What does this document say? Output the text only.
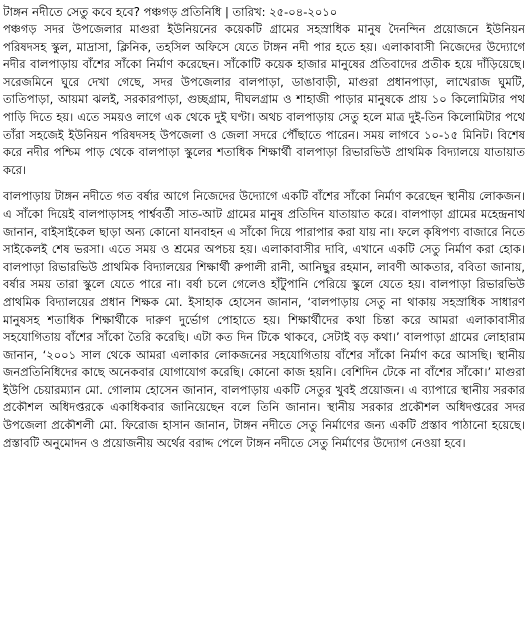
টাঙ্গন নদীতে সেতু কবে হবে? পঞ্চগড় প্রতিনিধি | তারিখ: ২৫-০৪-২০১০

পঞ্চগড় সদর উপজেলার মাগুরা ইউনিয়নের কয়েকটি গ্রামের সহস্রাধিক মানুষ দৈনন্দিন প্রয়োজনে ইউনিয়ন পরিষদসহ স্কুল, মাদ্রাসা, ক্লিনিক, তহসিল অফিসে যেতে টাঙ্গন নদী পার হতে হয়। এলাকাবাসী নিজেদের উদ্যোগে নদীর বালপাড়ায় বাঁশের সাঁকো নির্মাণ করেছেন। সাঁকোটি কয়েক হাজার মানুষের প্রতিবাদের প্রতীক হয়ে দাঁড়িয়েছে। সরেজমিনে ঘুরে দেখা গেছে, সদর উপজেলার বালপাড়া, ডাঙাবাড়ী, মাগুরা প্রধানপাড়া, লাখেরাজ ঘুমটি, তাতিপাড়া, আয়মা ঝলই, সরকারপাড়া, গুচ্ছগ্রাম, দীঘলগ্রাম ও শাহাজী পাড়ার মানুষকে প্রায় ১০ কিলোমিটার পথ পাড়ি দিতে হয়। এতে সময়ও লাগে এক থেকে দুই ঘণ্টা। অথচ বালপাড়ায় সেতু হলে মাত্র দুই-তিন কিলোমিটার পথে তাঁরা সহজেই ইউনিয়ন পরিষদসহ উপজেলা ও জেলা সদরে পৌঁছাতে পারেন। সময় লাগবে ১০-১৫ মিনিট। বিশেষ করে নদীর পশ্চিম পাড় থেকে বালপাড়া স্কুলের শতাধিক শিক্ষার্থী বালপাড়া রিভারভিউ প্রাথমিক বিদ্যালয়ে যাতায়াত করে।

বালপাড়ায় টাঙ্গন নদীতে গত বর্ষার আগে নিজেদের উদ্যোগে একটি বাঁশের সাঁকো নির্মাণ করেছেন স্থানীয় লোকজন। এ সাঁকো দিয়েই বালপাড়াসহ পার্শ্ববর্তী সাত-আট গ্রামের মানুষ প্রতিদিন যাতায়াত করে। বালপাড়া গ্রামের মহেন্দ্রনাথ জানান, বাইসাইকেল ছাড়া অন্য কোনো যানবাহন এ সাঁকো দিয়ে পারাপার করা যায় না। ফলে কৃষিপণ্য বাজারে নিতে সাইকেলই শেষ ভরসা। এতে সময় ও শ্রমের অপচয় হয়। এলাকাবাসীর দাবি, এখানে একটি সেতু নির্মাণ করা হোক। বালপাড়া রিভারভিউ প্রাথমিক বিদ্যালয়ের শিক্ষার্থী রুপালী রানী, আনিছুর রহমান, লাবণী আকতার, ববিতা জানায়, বর্ষার সময় তারা স্কুলে যেতে পারে না। বর্ষা চলে গেলেও হাঁটুপানি পেরিয়ে স্কুলে যেতে হয়। বালপাড়া রিভারভিউ প্রাথমিক বিদ্যালয়ের প্রধান শিক্ষক মো. ইসাহাক হোসেন জানান, ‘বালপাড়ায় সেতু না থাকায় সহস্রাধিক সাধারণ মানুষসহ শতাধিক শিক্ষার্থীকে দারুণ দুর্ভোগ পোহাতে হয়। শিক্ষার্থীদের কথা চিন্তা করে আমরা এলাকাবাসীর সহযোগিতায় বাঁশের সাঁকো তৈরি করেছি। এটা কত দিন টিকে থাকবে, সেটাই বড় কথা।’ বালপাড়া গ্রামের লোহারাম জানান, ‘২০০১ সাল থেকে আমরা এলাকার লোকজনের সহযোগিতায় বাঁশের সাঁকো নির্মাণ করে আসছি। স্থানীয় জনপ্রতিনিধিদের কাছে অনেকবার যোগাযোগ করেছি। কোনো কাজ হয়নি। বেশিদিন টেকে না বাঁশের সাঁকো।’ মাগুরা ইউপি চেয়ারম্যান মো. গোলাম হোসেন জানান, বালপাড়ায় একটি সেতুর খুবই প্রয়োজন। এ ব্যাপারে স্থানীয় সরকার প্রকৌশল অধিদপ্তরকে একাধিকবার জানিয়েছেন বলে তিনি জানান। স্থানীয় সরকার প্রকৌশল অধিদপ্তরের সদর উপজেলা প্রকৌশলী মো. ফিরোজ হাসান জানান, টাঙ্গন নদীতে সেতু নির্মাণের জন্য একটি প্রস্তাব পাঠানো হয়েছে। প্রস্তাবটি অনুমোদন ও প্রয়োজনীয় অর্থের বরাদ্দ পেলে টাঙ্গন নদীতে সেতু নির্মাণের উদ্যোগ নেওয়া হবে।
